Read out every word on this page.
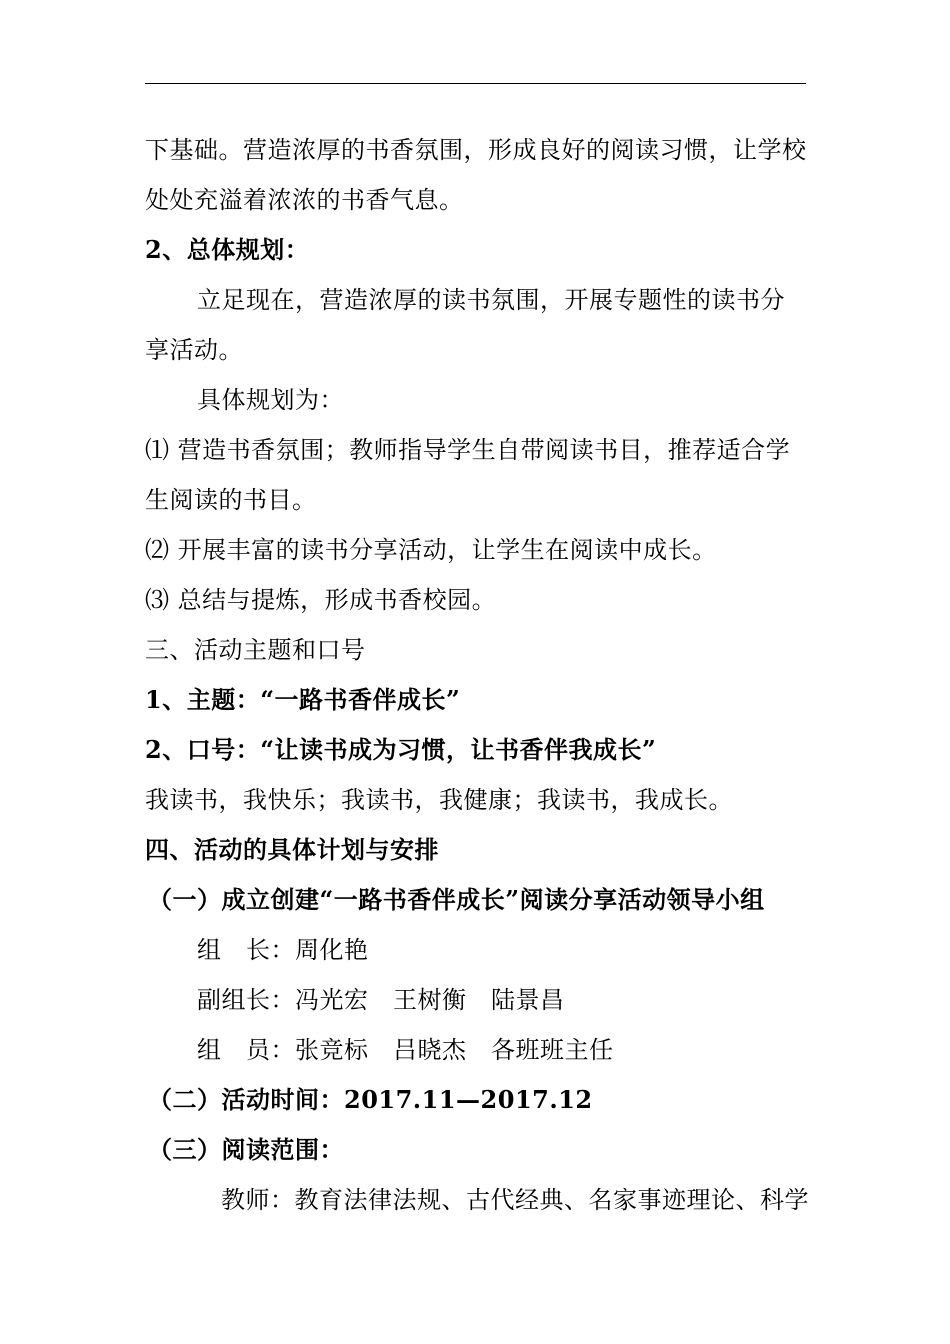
下基础。营造浓厚的书香氛围，形成良好的阅读习惯，让学校
处处充溢着浓浓的书香气息。
2、总体规划：
立足现在，营造浓厚的读书氛围，开展专题性的读书分
享活动。
具体规划为：
⑴ 营造书香氛围；教师指导学生自带阅读书目，推荐适合学
生阅读的书目。
⑵ 开展丰富的读书分享活动，让学生在阅读中成长。
⑶ 总结与提炼，形成书香校园。
三、活动主题和口号
1、主题：“一路书香伴成长”
2、口号：“让读书成为习惯，让书香伴我成长”
我读书，我快乐；我读书，我健康；我读书，我成长。
四、活动的具体计划与安排
（一）成立创建“一路书香伴成长”阅读分享活动领导小组
组　长：周化艳
副组长：冯光宏　王树衡　陆景昌
组　员：张竞标　吕晓杰　各班班主任
（二）活动时间：2017.11—2017.12
（三）阅读范围：
教师：教育法律法规、古代经典、名家事迹理论、科学
